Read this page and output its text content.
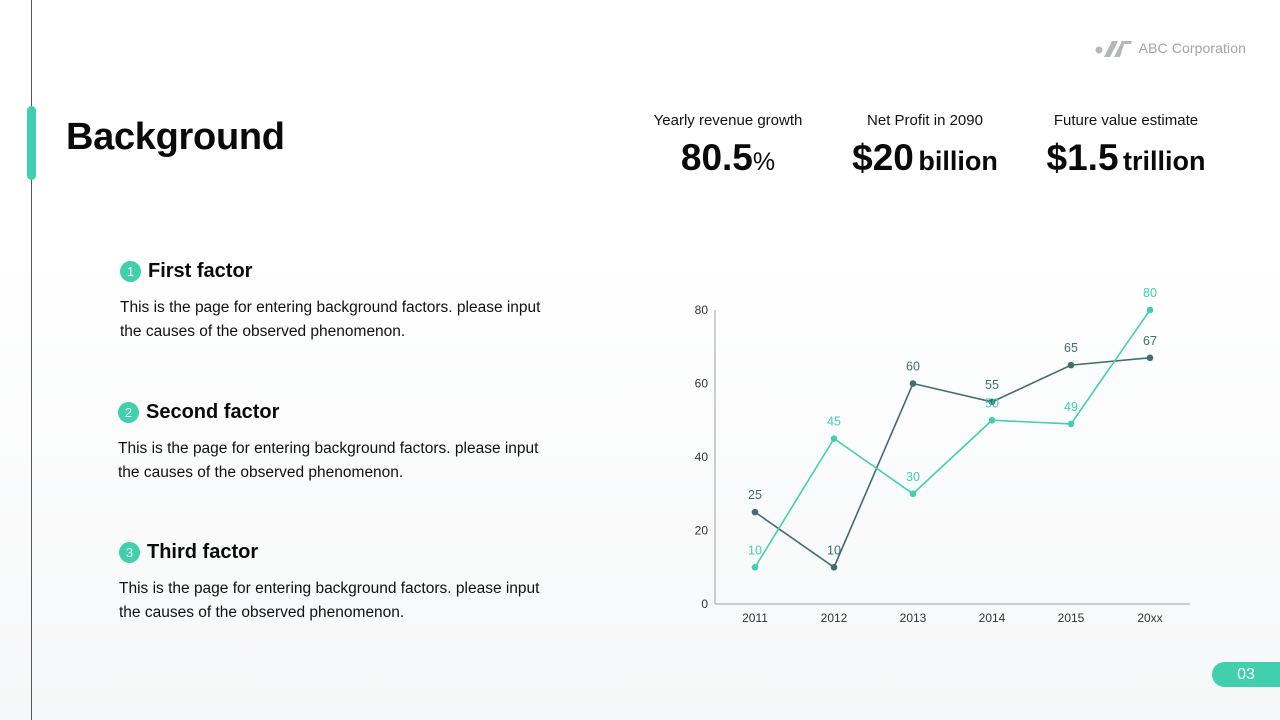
ABC Corporation
Background	Yearly revenue growth
80.5%
Net Profit in 2090
$20 billion
Future value estimate
$1.5 trillion
1 First factor
This is the page for entering background factors. please input
the causes of the observed phenomenon.
2 Second factor
This is the page for entering background factors. please input
the causes of the observed phenomenon.
3 Third factor
This is the page for entering background factors. please input
the causes of the observed phenomenon.	0
20
40
60
80
2011	2012	2013	2014	2015	20xx
25
10
60
55
65
67
10
45
30
50	49
80
03
